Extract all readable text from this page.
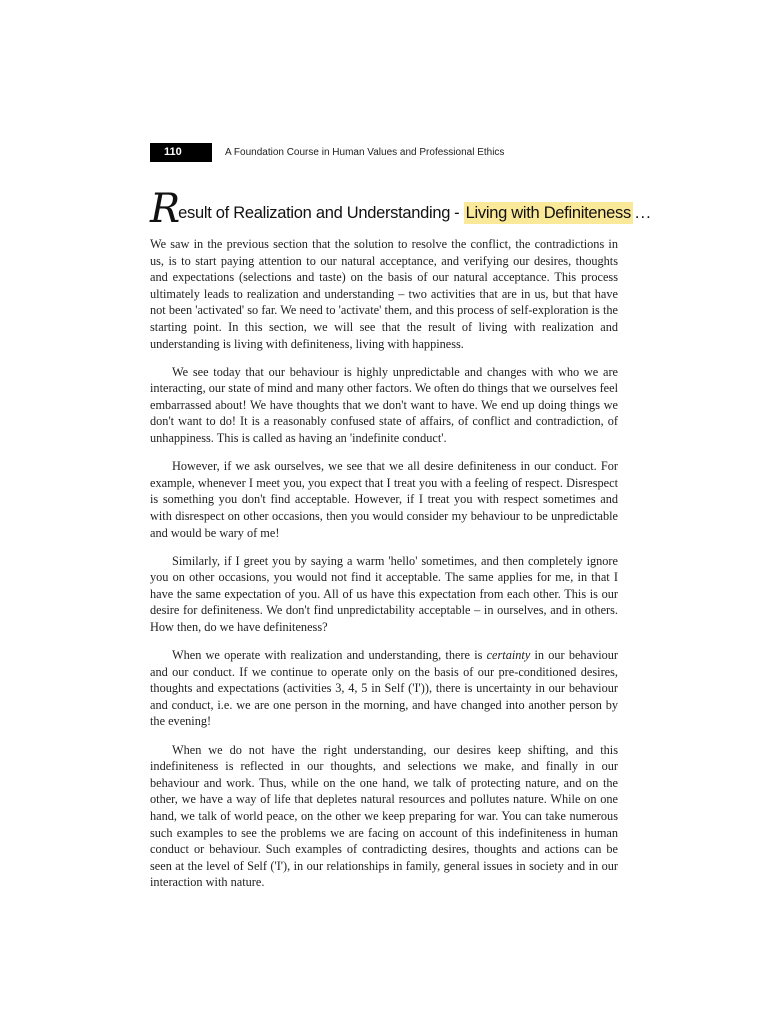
110	A Foundation Course in Human Values and Professional Ethics
R esult of Realization and Understanding - Living with Definiteness ...

We saw in the previous section that the solution to resolve the conflict, the contradictions in us, is to start paying attention to our natural acceptance, and verifying our desires, thoughts and expectations (selections and taste) on the basis of our natural acceptance. This process ultimately leads to realization and understanding – two activities that are in us, but that have not been 'activated' so far. We need to 'activate' them, and this process of self-exploration is the starting point. In this section, we will see that the result of living with realization and understanding is living with definiteness, living with happiness.

We see today that our behaviour is highly unpredictable and changes with who we are interacting, our state of mind and many other factors. We often do things that we ourselves feel embarrassed about! We have thoughts that we don't want to have. We end up doing things we don't want to do! It is a reasonably confused state of affairs, of conflict and contradiction, of unhappiness. This is called as having an 'indefinite conduct'.

However, if we ask ourselves, we see that we all desire definiteness in our conduct. For example, whenever I meet you, you expect that I treat you with a feeling of respect. Disrespect is something you don't find acceptable. However, if I treat you with respect sometimes and with disrespect on other occasions, then you would consider my behaviour to be unpredictable and would be wary of me!

Similarly, if I greet you by saying a warm 'hello' sometimes, and then completely ignore you on other occasions, you would not find it acceptable. The same applies for me, in that I have the same expectation of you. All of us have this expectation from each other. This is our desire for definiteness. We don't find unpredictability acceptable – in ourselves, and in others. How then, do we have definiteness?

When we operate with realization and understanding, there is certainty in our behaviour and our conduct. If we continue to operate only on the basis of our pre-conditioned desires, thoughts and expectations (activities 3, 4, 5 in Self ('I')), there is uncertainty in our behaviour and conduct, i.e. we are one person in the morning, and have changed into another person by the evening!

When we do not have the right understanding, our desires keep shifting, and this indefiniteness is reflected in our thoughts, and selections we make, and finally in our behaviour and work. Thus, while on the one hand, we talk of protecting nature, and on the other, we have a way of life that depletes natural resources and pollutes nature. While on one hand, we talk of world peace, on the other we keep preparing for war. You can take numerous such examples to see the problems we are facing on account of this indefiniteness in human conduct or behaviour. Such examples of contradicting desires, thoughts and actions can be seen at the level of Self ('I'), in our relationships in family, general issues in society and in our interaction with nature.
